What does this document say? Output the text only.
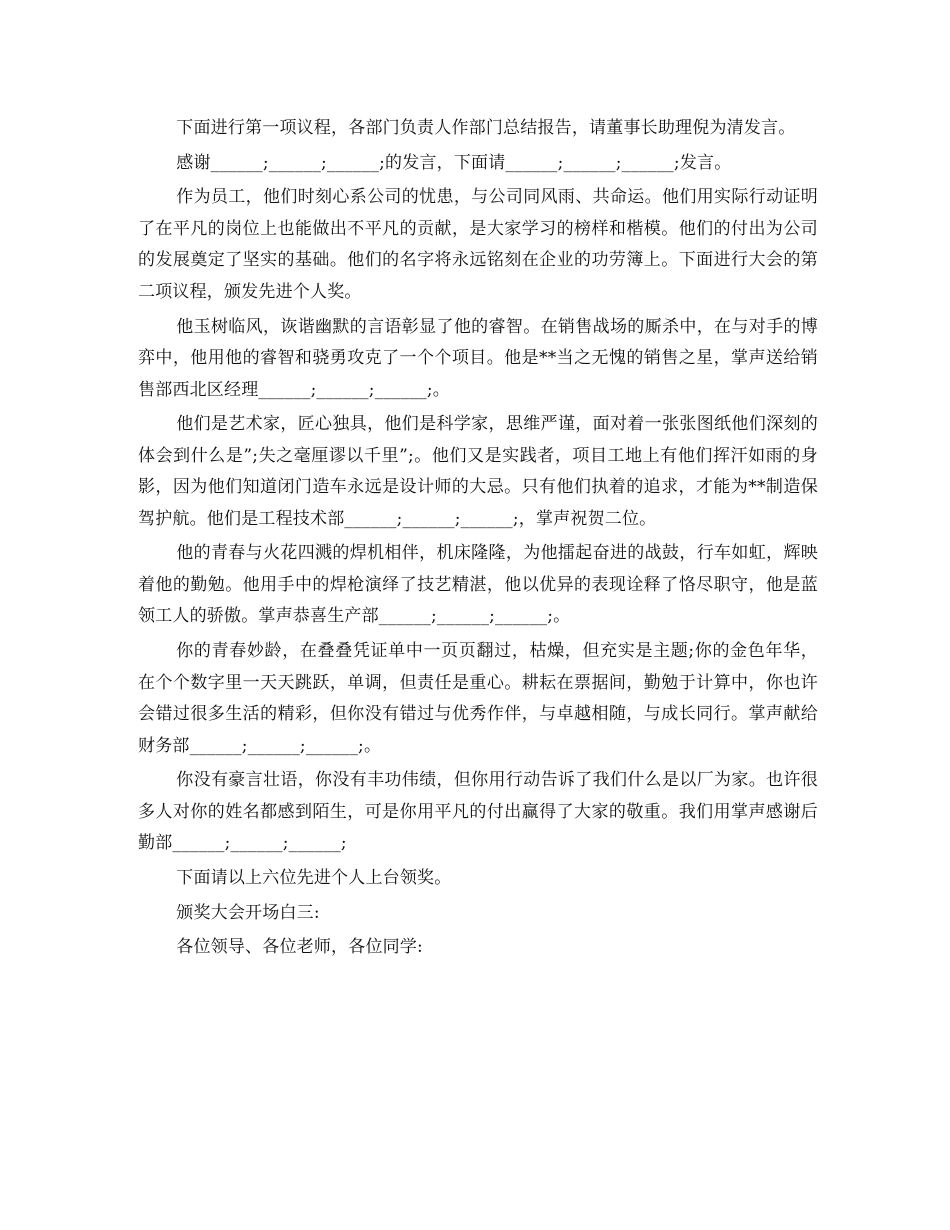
下面进行第一项议程，各部门负责人作部门总结报告，请董事长助理倪为清发言。

感谢______;______;______;的发言，下面请______;______;______;发言。

作为员工，他们时刻心系公司的忧患，与公司同风雨、共命运。他们用实际行动证明了在平凡的岗位上也能做出不平凡的贡献，是大家学习的榜样和楷模。他们的付出为公司的发展奠定了坚实的基础。他们的名字将永远铭刻在企业的功劳簿上。下面进行大会的第二项议程，颁发先进个人奖。

他玉树临风，诙谐幽默的言语彰显了他的睿智。在销售战场的厮杀中，在与对手的博弈中，他用他的睿智和骁勇攻克了一个个项目。他是**当之无愧的销售之星，掌声送给销售部西北区经理______;______;______;。

他们是艺术家，匠心独具，他们是科学家，思维严谨，面对着一张张图纸他们深刻的体会到什么是”;失之毫厘谬以千里”;。他们又是实践者，项目工地上有他们挥汗如雨的身影，因为他们知道闭门造车永远是设计师的大忌。只有他们执着的追求，才能为**制造保驾护航。他们是工程技术部______;______;______;，掌声祝贺二位。

他的青春与火花四溅的焊机相伴，机床隆隆，为他擂起奋进的战鼓，行车如虹，辉映着他的勤勉。他用手中的焊枪演绎了技艺精湛，他以优异的表现诠释了恪尽职守，他是蓝领工人的骄傲。掌声恭喜生产部______;______;______;。

你的青春妙龄，在叠叠凭证单中一页页翻过，枯燥，但充实是主题;你的金色年华，在个个数字里一天天跳跃，单调，但责任是重心。耕耘在票据间，勤勉于计算中，你也许会错过很多生活的精彩，但你没有错过与优秀作伴，与卓越相随，与成长同行。掌声献给财务部______;______;______;。

你没有豪言壮语，你没有丰功伟绩，但你用行动告诉了我们什么是以厂为家。也许很多人对你的姓名都感到陌生，可是你用平凡的付出赢得了大家的敬重。我们用掌声感谢后勤部______;______;______;

下面请以上六位先进个人上台领奖。

颁奖大会开场白三:

各位领导、各位老师，各位同学:
